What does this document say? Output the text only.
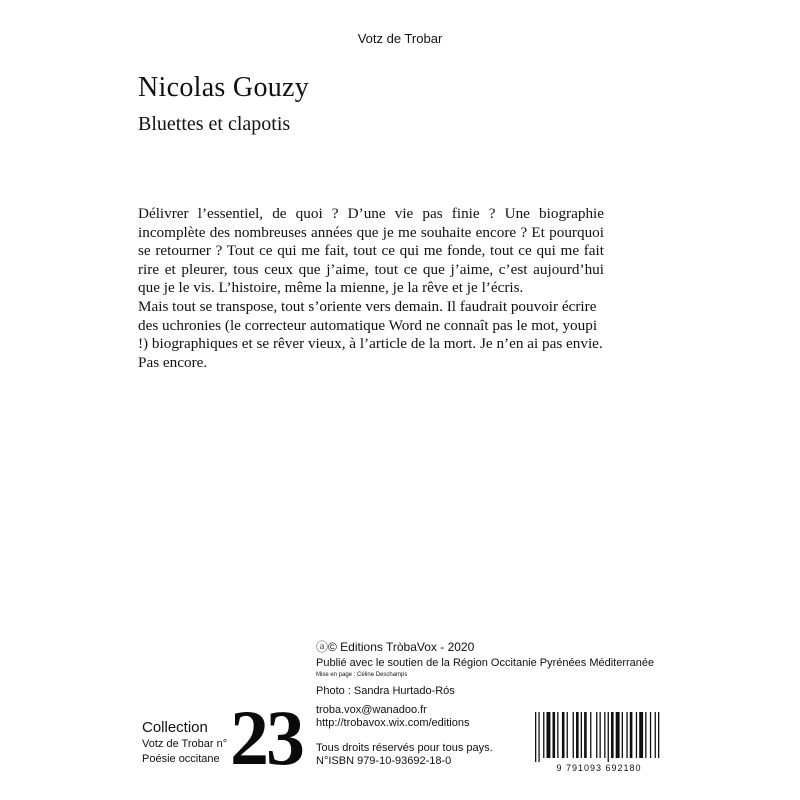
Votz de Trobar
Nicolas Gouzy
Bluettes et clapotis

Délivrer l’essentiel, de quoi ? D’une vie pas finie ? Une biographie incomplète des nombreuses années que je me souhaite encore ? Et pourquoi se retourner ? Tout ce qui me fait, tout ce qui me fonde, tout ce qui me fait rire et pleurer, tous ceux que j’aime, tout ce que j’aime, c’est aujourd’hui que je le vis. L’histoire, même la mienne, je la rêve et je l’écris.

Mais tout se transpose, tout s’oriente vers demain. Il faudrait pouvoir écrire des uchronies (le correcteur automatique Word ne connaît pas le mot, youpi !) biographiques et se rêver vieux, à l’article de la mort. Je n’en ai pas envie. Pas encore.

ⓐ© Editions TròbaVox - 2020
Publié avec le soutien de la Région Occitanie Pyrénées Méditerranée
Mise en page : Céline Deschamps
Photo : Sandra Hurtado-Rós
troba.vox@wanadoo.fr
http://trobavox.wix.com/editions
Tous droits réservés pour tous pays.
N°ISBN 979-10-93692-18-0
Collection
Votz de Trobar n°
Poésie occitane 23	9 791093 692180
